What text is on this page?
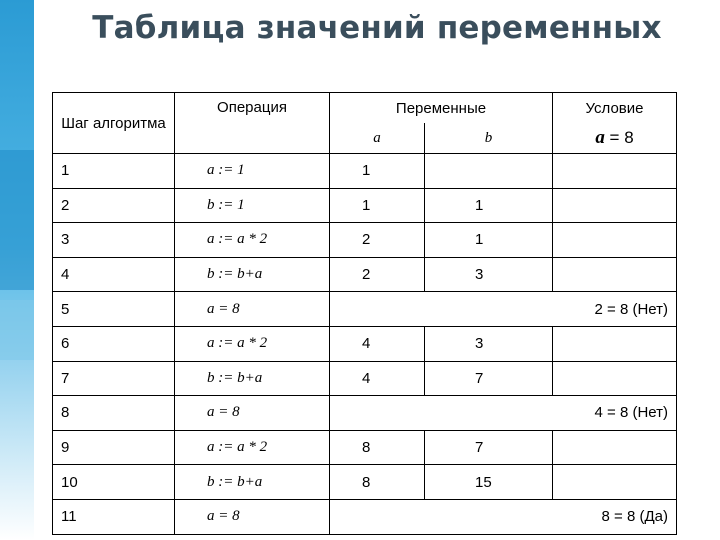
Таблица значений переменных
Шаг алгоритма	Операция	Переменные		Условие
		a	b	a = 8
1	a := 1	1		
2	b := 1	1	1	
3	a := a * 2	2	1	
4	b := b+a	2	3	
5	a = 8			2 = 8 (Нет)
6	a := a * 2	4	3	
7	b := b+a	4	7	
8	a = 8			4 = 8 (Нет)
9	a := a * 2	8	7	
10	b := b+a	8	15	
11	a = 8			8 = 8 (Да)
